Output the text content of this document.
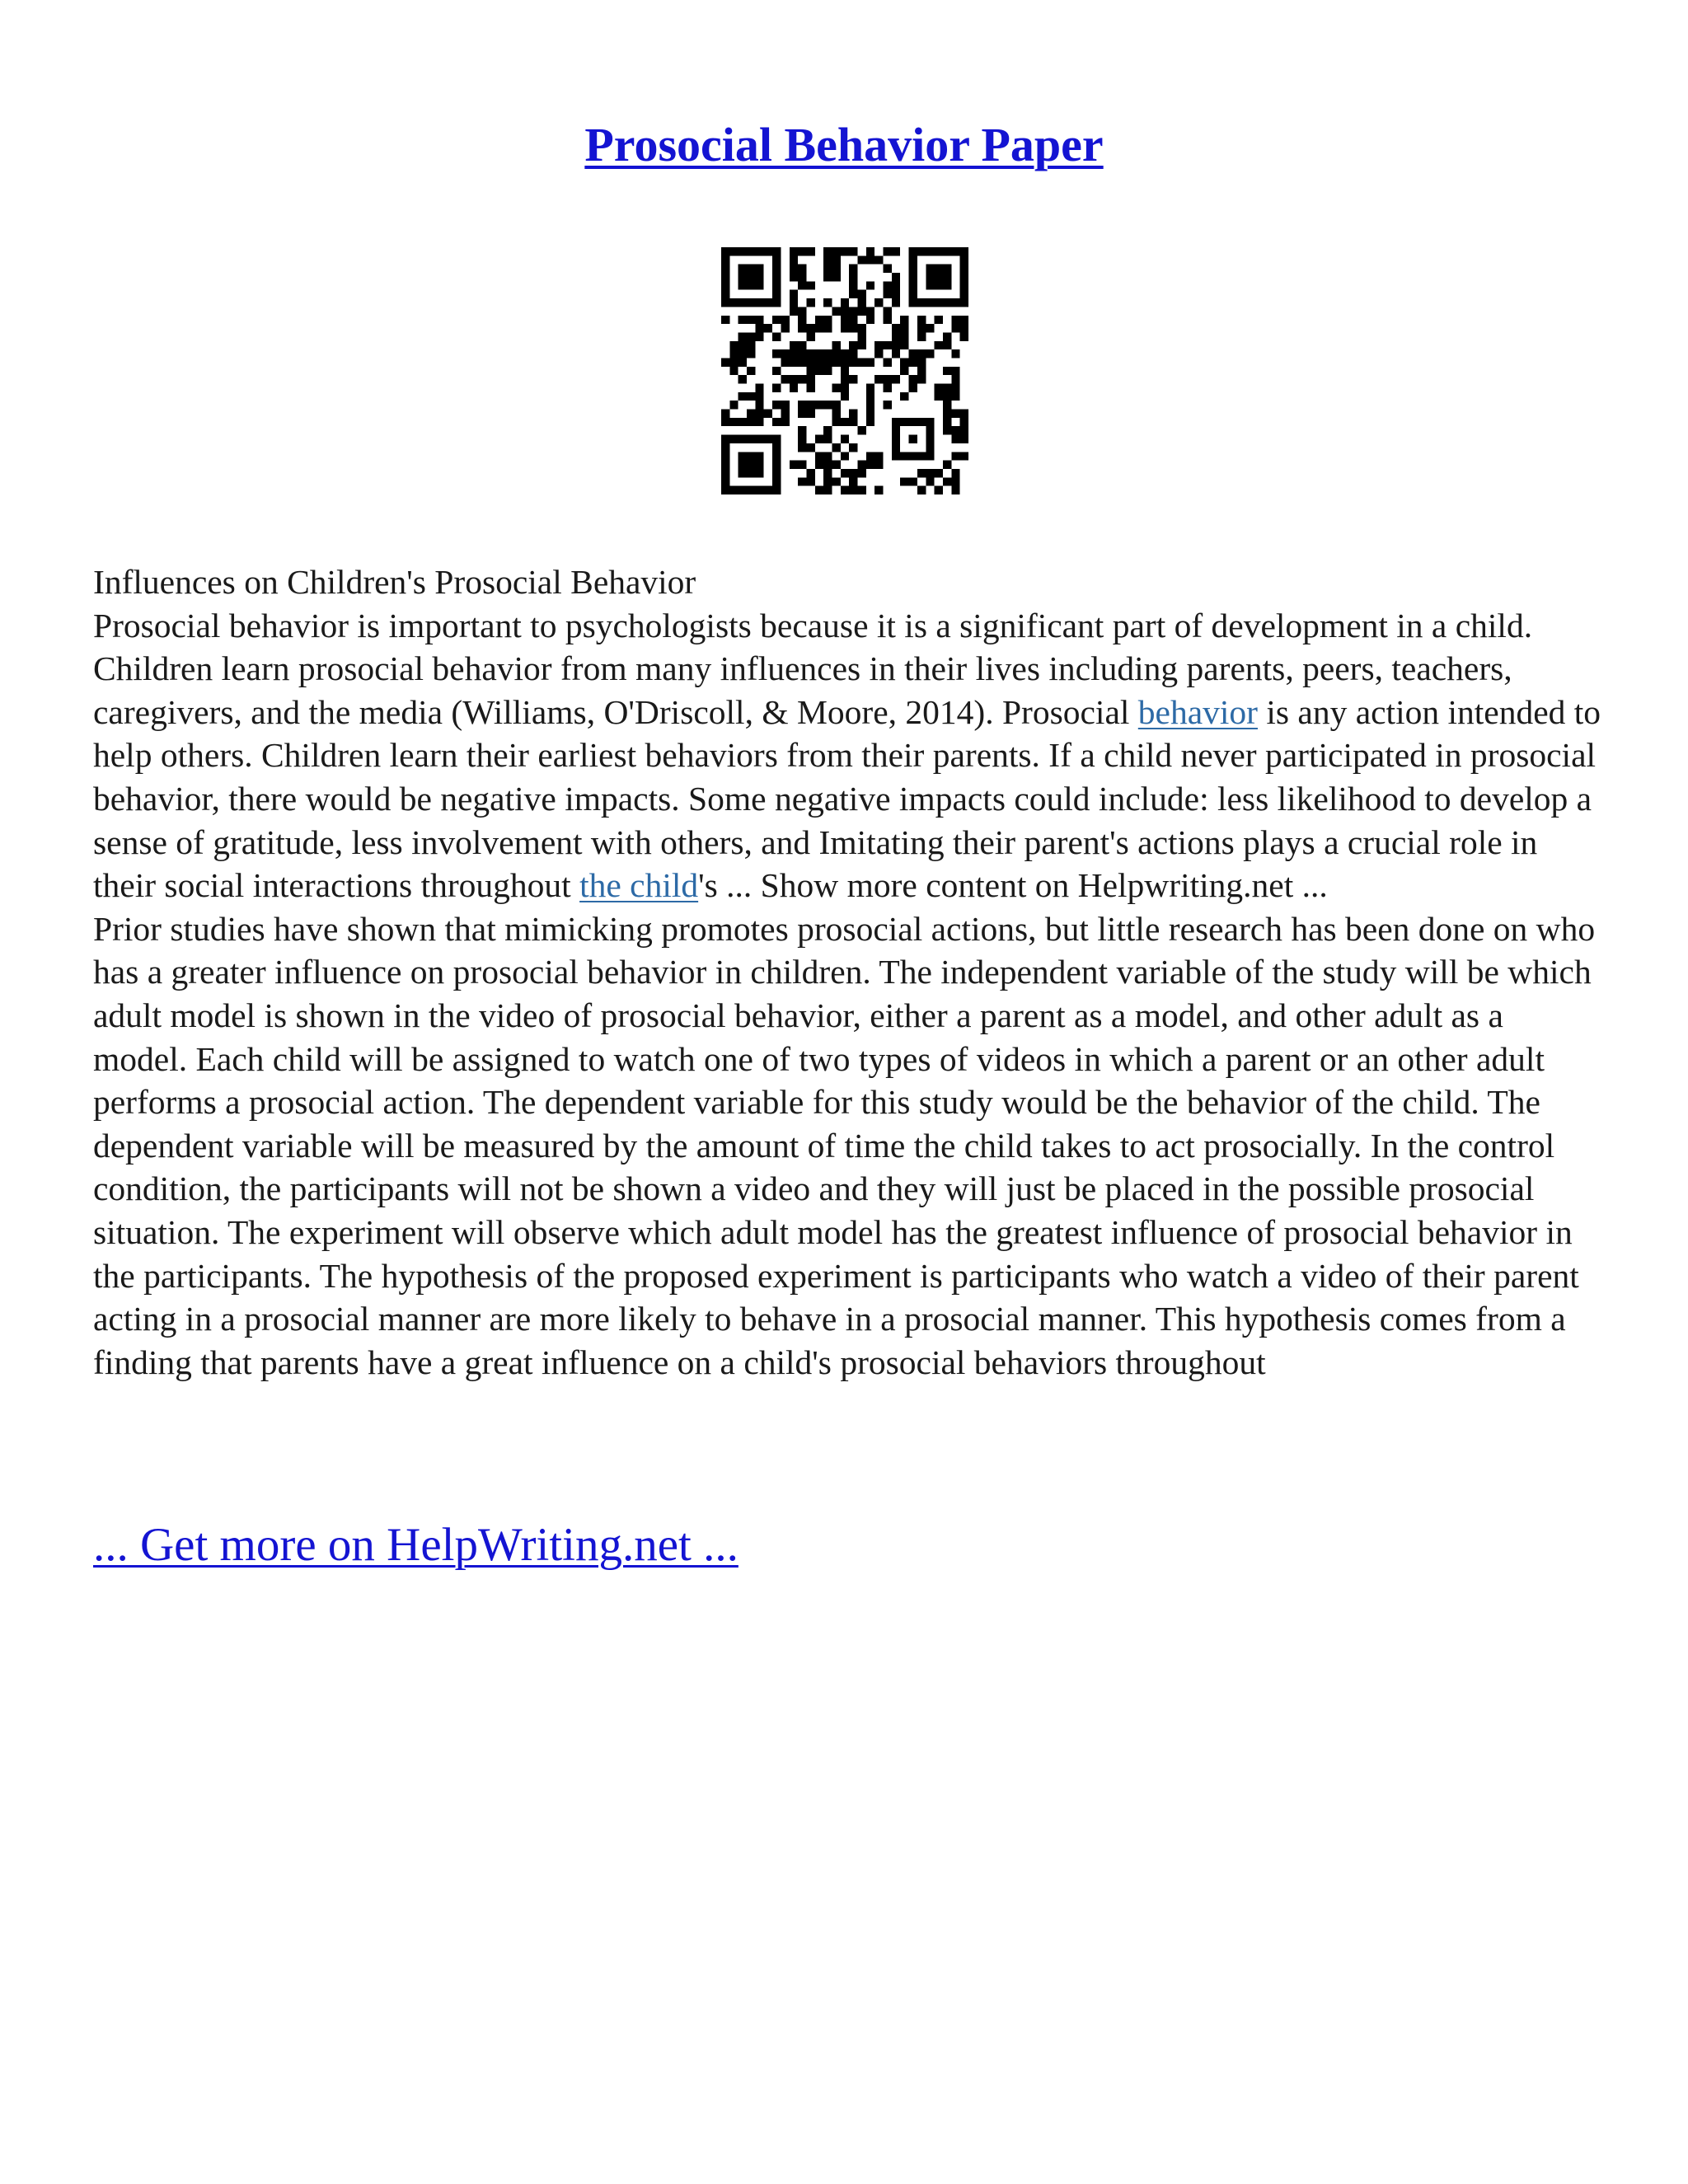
Prosocial Behavior Paper

Influences on Children's Prosocial Behavior

Prosocial behavior is important to psychologists because it is a significant part of development in a child. Children learn prosocial behavior from many influences in their lives including parents, peers, teachers, caregivers, and the media (Williams, O'Driscoll, & Moore, 2014). Prosocial behavior is any action intended to help others. Children learn their earliest behaviors from their parents. If a child never participated in prosocial behavior, there would be negative impacts. Some negative impacts could include: less likelihood to develop a sense of gratitude, less involvement with others, and Imitating their parent's actions plays a crucial role in their social interactions throughout the child's ... Show more content on Helpwriting.net ...

Prior studies have shown that mimicking promotes prosocial actions, but little research has been done on who has a greater influence on prosocial behavior in children. The independent variable of the study will be which adult model is shown in the video of prosocial behavior, either a parent as a model, and other adult as a model. Each child will be assigned to watch one of two types of videos in which a parent or an other adult performs a prosocial action. The dependent variable for this study would be the behavior of the child. The dependent variable will be measured by the amount of time the child takes to act prosocially. In the control condition, the participants will not be shown a video and they will just be placed in the possible prosocial situation. The experiment will observe which adult model has the greatest influence of prosocial behavior in the participants. The hypothesis of the proposed experiment is participants who watch a video of their parent acting in a prosocial manner are more likely to behave in a prosocial manner. This hypothesis comes from a finding that parents have a great influence on a child's prosocial behaviors throughout

... Get more on HelpWriting.net ...
